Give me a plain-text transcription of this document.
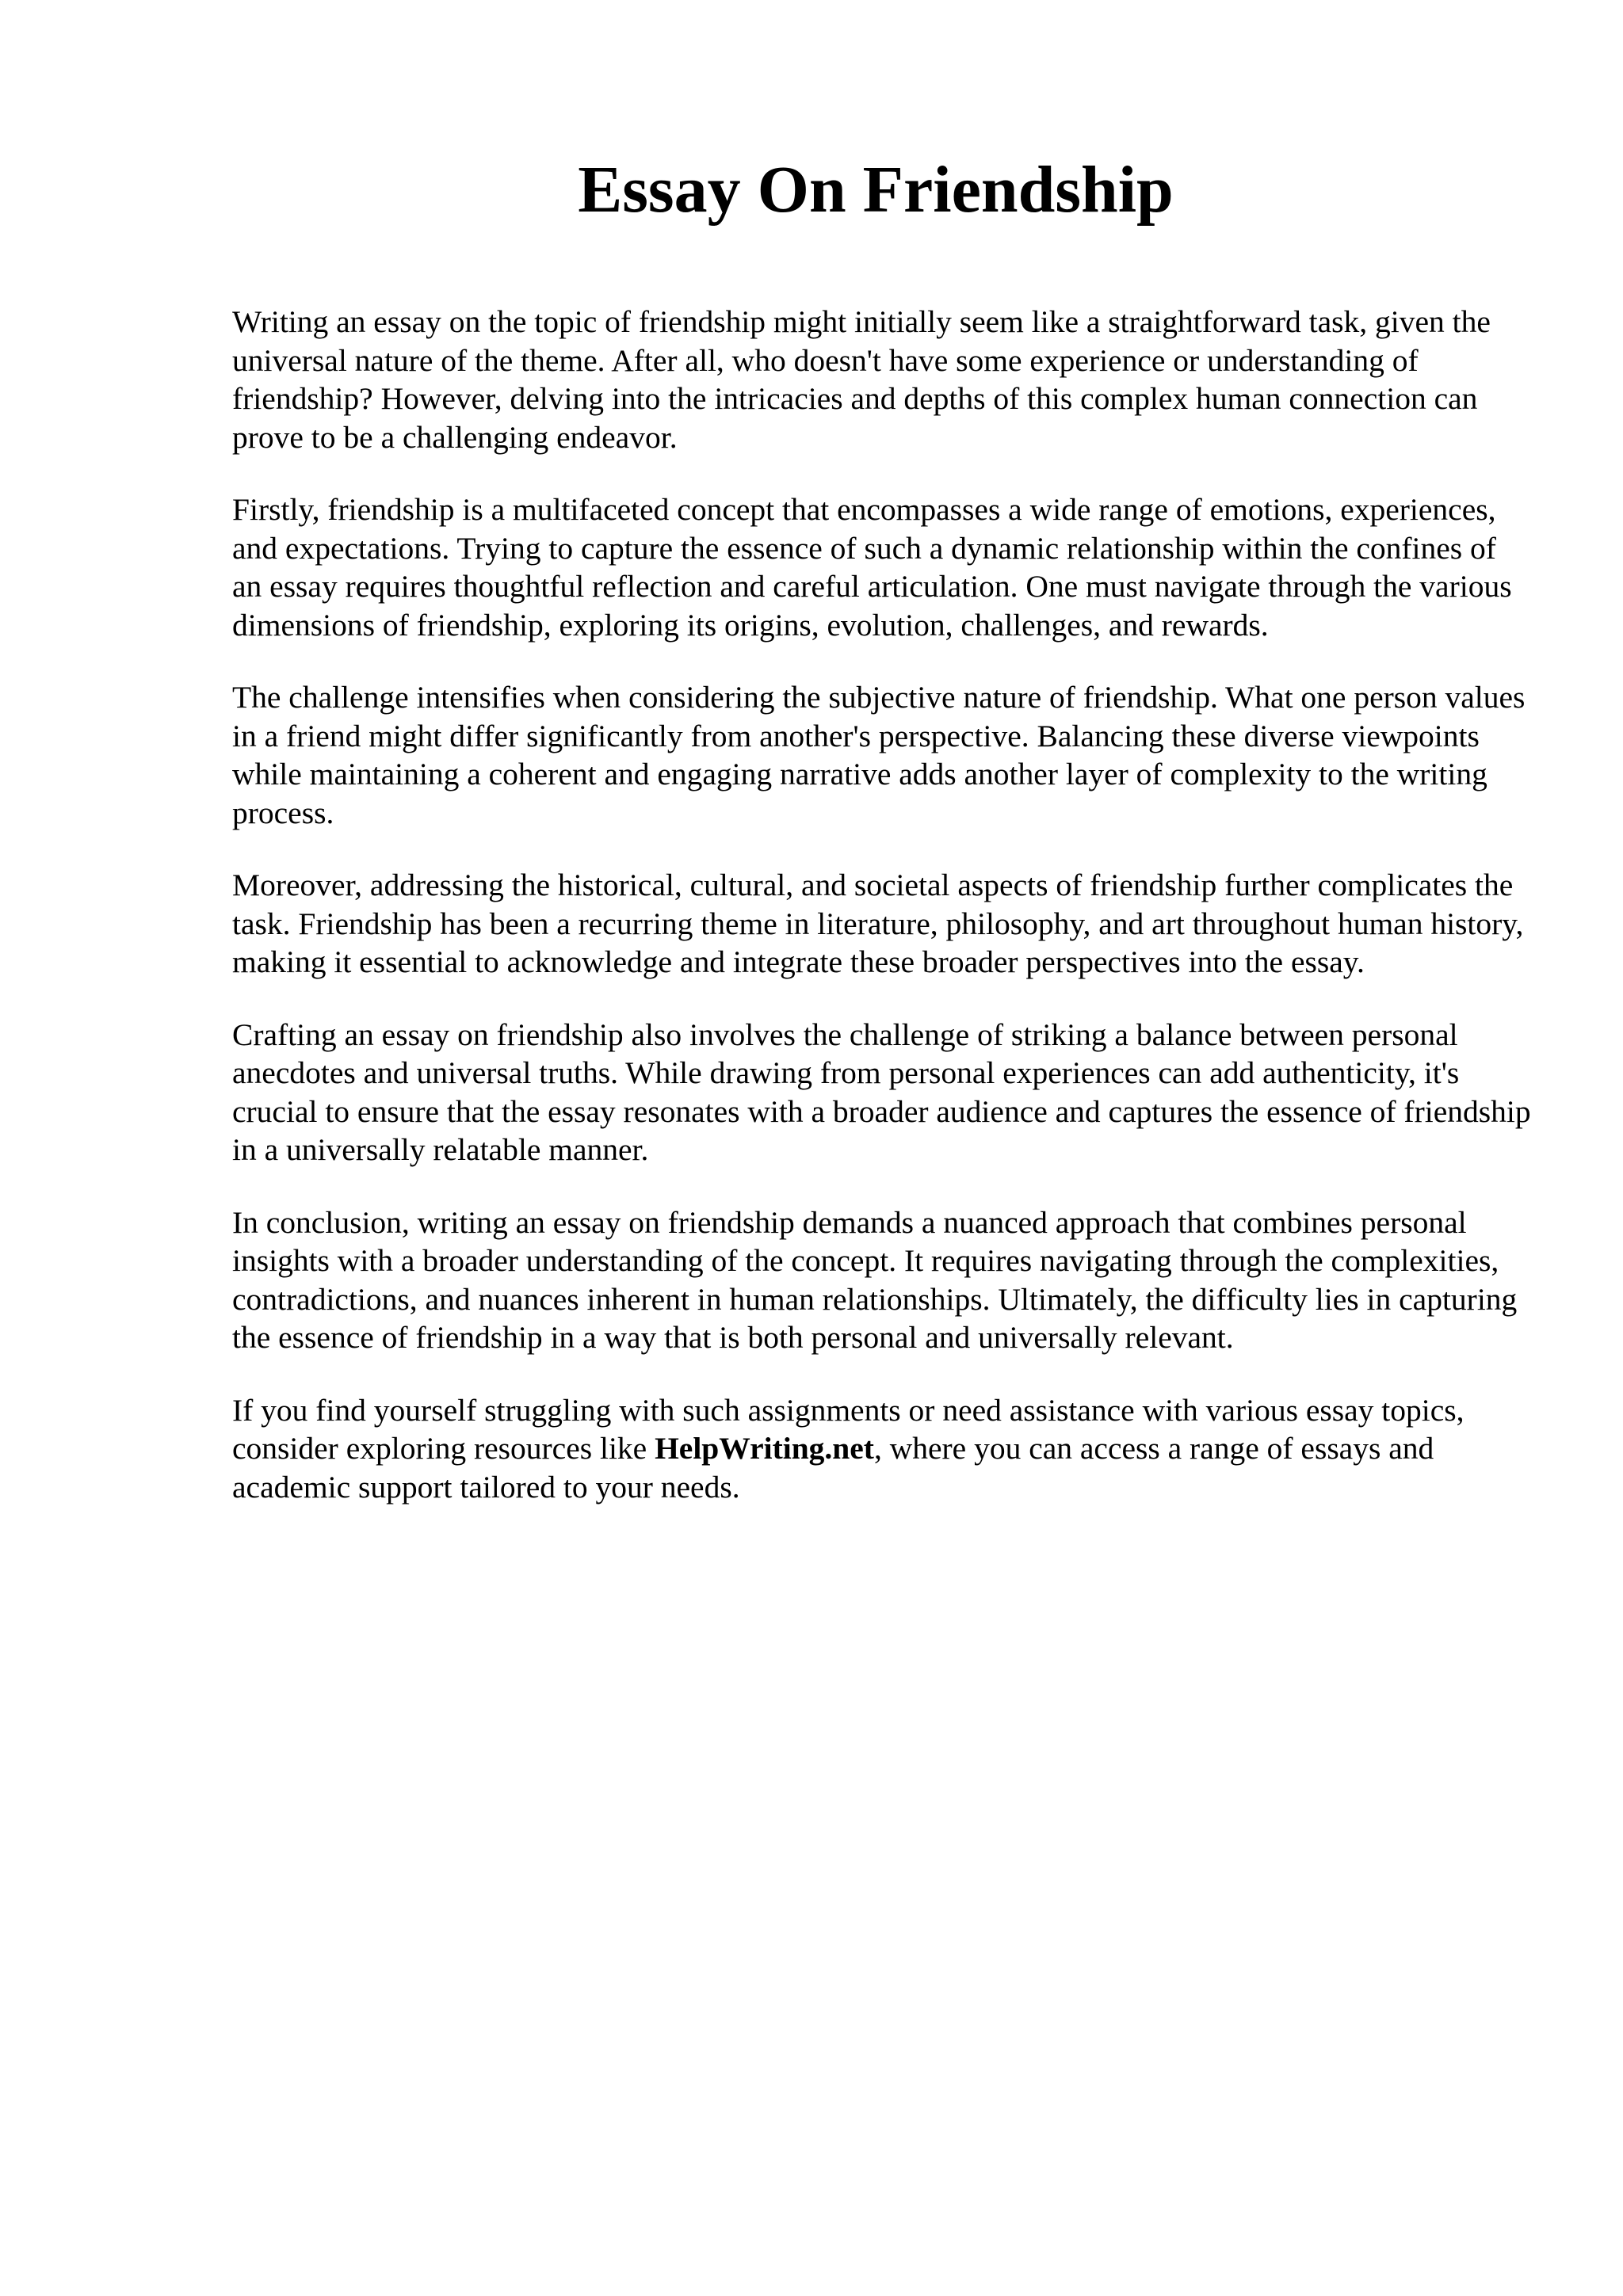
Essay On Friendship

Writing an essay on the topic of friendship might initially seem like a straightforward task, given the universal nature of the theme. After all, who doesn't have some experience or understanding of friendship? However, delving into the intricacies and depths of this complex human connection can prove to be a challenging endeavor.

Firstly, friendship is a multifaceted concept that encompasses a wide range of emotions, experiences, and expectations. Trying to capture the essence of such a dynamic relationship within the confines of an essay requires thoughtful reflection and careful articulation. One must navigate through the various dimensions of friendship, exploring its origins, evolution, challenges, and rewards.

The challenge intensifies when considering the subjective nature of friendship. What one person values in a friend might differ significantly from another's perspective. Balancing these diverse viewpoints while maintaining a coherent and engaging narrative adds another layer of complexity to the writing process.

Moreover, addressing the historical, cultural, and societal aspects of friendship further complicates the task. Friendship has been a recurring theme in literature, philosophy, and art throughout human history, making it essential to acknowledge and integrate these broader perspectives into the essay.

Crafting an essay on friendship also involves the challenge of striking a balance between personal anecdotes and universal truths. While drawing from personal experiences can add authenticity, it's crucial to ensure that the essay resonates with a broader audience and captures the essence of friendship in a universally relatable manner.

In conclusion, writing an essay on friendship demands a nuanced approach that combines personal insights with a broader understanding of the concept. It requires navigating through the complexities, contradictions, and nuances inherent in human relationships. Ultimately, the difficulty lies in capturing the essence of friendship in a way that is both personal and universally relevant.

If you find yourself struggling with such assignments or need assistance with various essay topics, consider exploring resources like HelpWriting.net, where you can access a range of essays and academic support tailored to your needs.
